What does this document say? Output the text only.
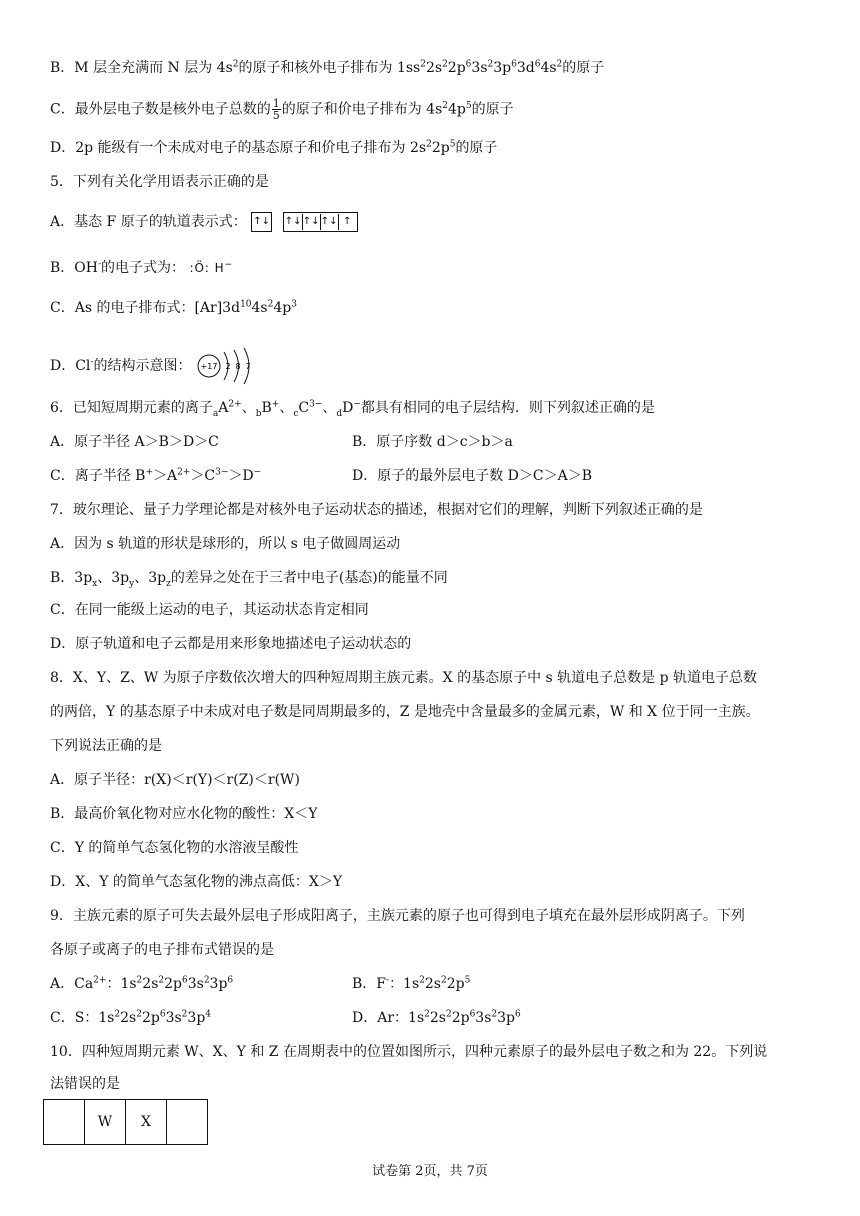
B．M 层全充满而 N 层为 $4s^2$的原子和核外电子排布为 $1ss^22s^22p^63s^23p^63d^64s^2$的原子
C．最外层电子数是核外电子总数的 $\frac{1}{5}$ 的原子和价电子排布为 $4s^24p^5$的原子
D．2p 能级有一个未成对电子的基态原子和价电子排布为 $2s^22p^5$的原子
5．下列有关化学用语表示正确的是
A．基态 F 原子的轨道表示式： ↑↓
↑↓ ↑↓ ↑↓ ↑
B．OH-的电子式为： :Ö: H−
C．As 的电子排布式：$[Ar]3d^{10}4s^24p^3$
D．Cl-的结构示意图： +17 2 8 7
6．已知短周期元素的离子$_aA^{2+}$、$_b$B+、$_cC^{3-}$、$_d$D−都具有相同的电子层结构．则下列叙述正确的是
A．原子半径 A＞B＞D＞C	B．原子序数 d＞c＞b＞a
C．离子半径 $B^+>A^{2+}>C^{3-}>D^-$	D．原子的最外层电子数 D＞C＞A＞B
7．玻尔理论、量子力学理论都是对核外电子运动状态的描述，根据对它们的理解，判断下列叙述正确的是
A．因为 s 轨道的形状是球形的，所以 s 电子做圆周运动
B．$3p_x$、$3p_y$、$3p_z$的差异之处在于三者中电子(基态)的能量不同
C．在同一能级上运动的电子，其运动状态肯定相同
D．原子轨道和电子云都是用来形象地描述电子运动状态的
8．X、Y、Z、W 为原子序数依次增大的四种短周期主族元素。X 的基态原子中 s 轨道电子总数是 p 轨道电子总数
的两倍，Y 的基态原子中未成对电子数是同周期最多的，Z 是地壳中含量最多的金属元素，W 和 X 位于同一主族。
下列说法正确的是
A．原子半径：r(X)＜r(Y)＜r(Z)＜r(W)
B．最高价氧化物对应水化物的酸性：X＜Y
C．Y 的简单气态氢化物的水溶液呈酸性
D．X、Y 的简单气态氢化物的沸点高低：X＞Y
9．主族元素的原子可失去最外层电子形成阳离子，主族元素的原子也可得到电子填充在最外层形成阴离子。下列
各原子或离子的电子排布式错误的是
A．$Ca^{2+}$：$1s^22s^22p^63s^23p^6$	B．F-：$1s^22s^22p^5$
C．S：$1s^22s^22p^63s^23p^4$	D．Ar：$1s^22s^22p^63s^23p^6$
10．四种短周期元素 W、X、Y 和 Z 在周期表中的位置如图所示，四种元素原子的最外层电子数之和为 22。下列说
法错误的是
	W	X	
试卷第 2页，共 7页
